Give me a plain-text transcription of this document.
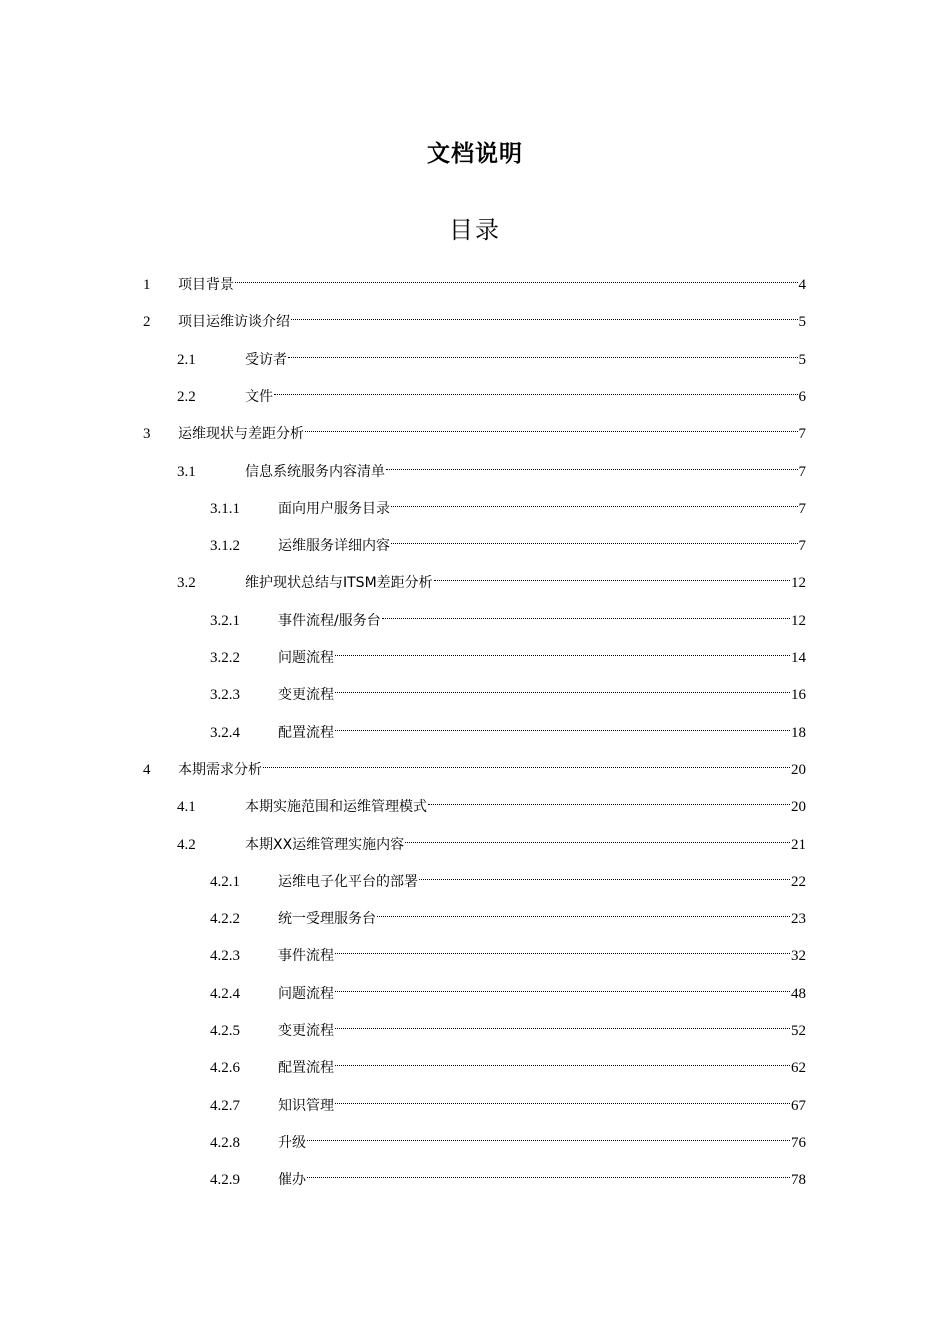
文档说明
目录
1	项目背景	4
2	项目运维访谈介绍	5
2.1	受访者	5
2.2	文件	6
3	运维现状与差距分析	7
3.1	信息系统服务内容清单	7
3.1.1	面向用户服务目录	7
3.1.2	运维服务详细内容	7
3.2	维护现状总结与ITSM差距分析	12
3.2.1	事件流程/服务台	12
3.2.2	问题流程	14
3.2.3	变更流程	16
3.2.4	配置流程	18
4	本期需求分析	20
4.1	本期实施范围和运维管理模式	20
4.2	本期XX运维管理实施内容	21
4.2.1	运维电子化平台的部署	22
4.2.2	统一受理服务台	23
4.2.3	事件流程	32
4.2.4	问题流程	48
4.2.5	变更流程	52
4.2.6	配置流程	62
4.2.7	知识管理	67
4.2.8	升级	76
4.2.9	催办	78
